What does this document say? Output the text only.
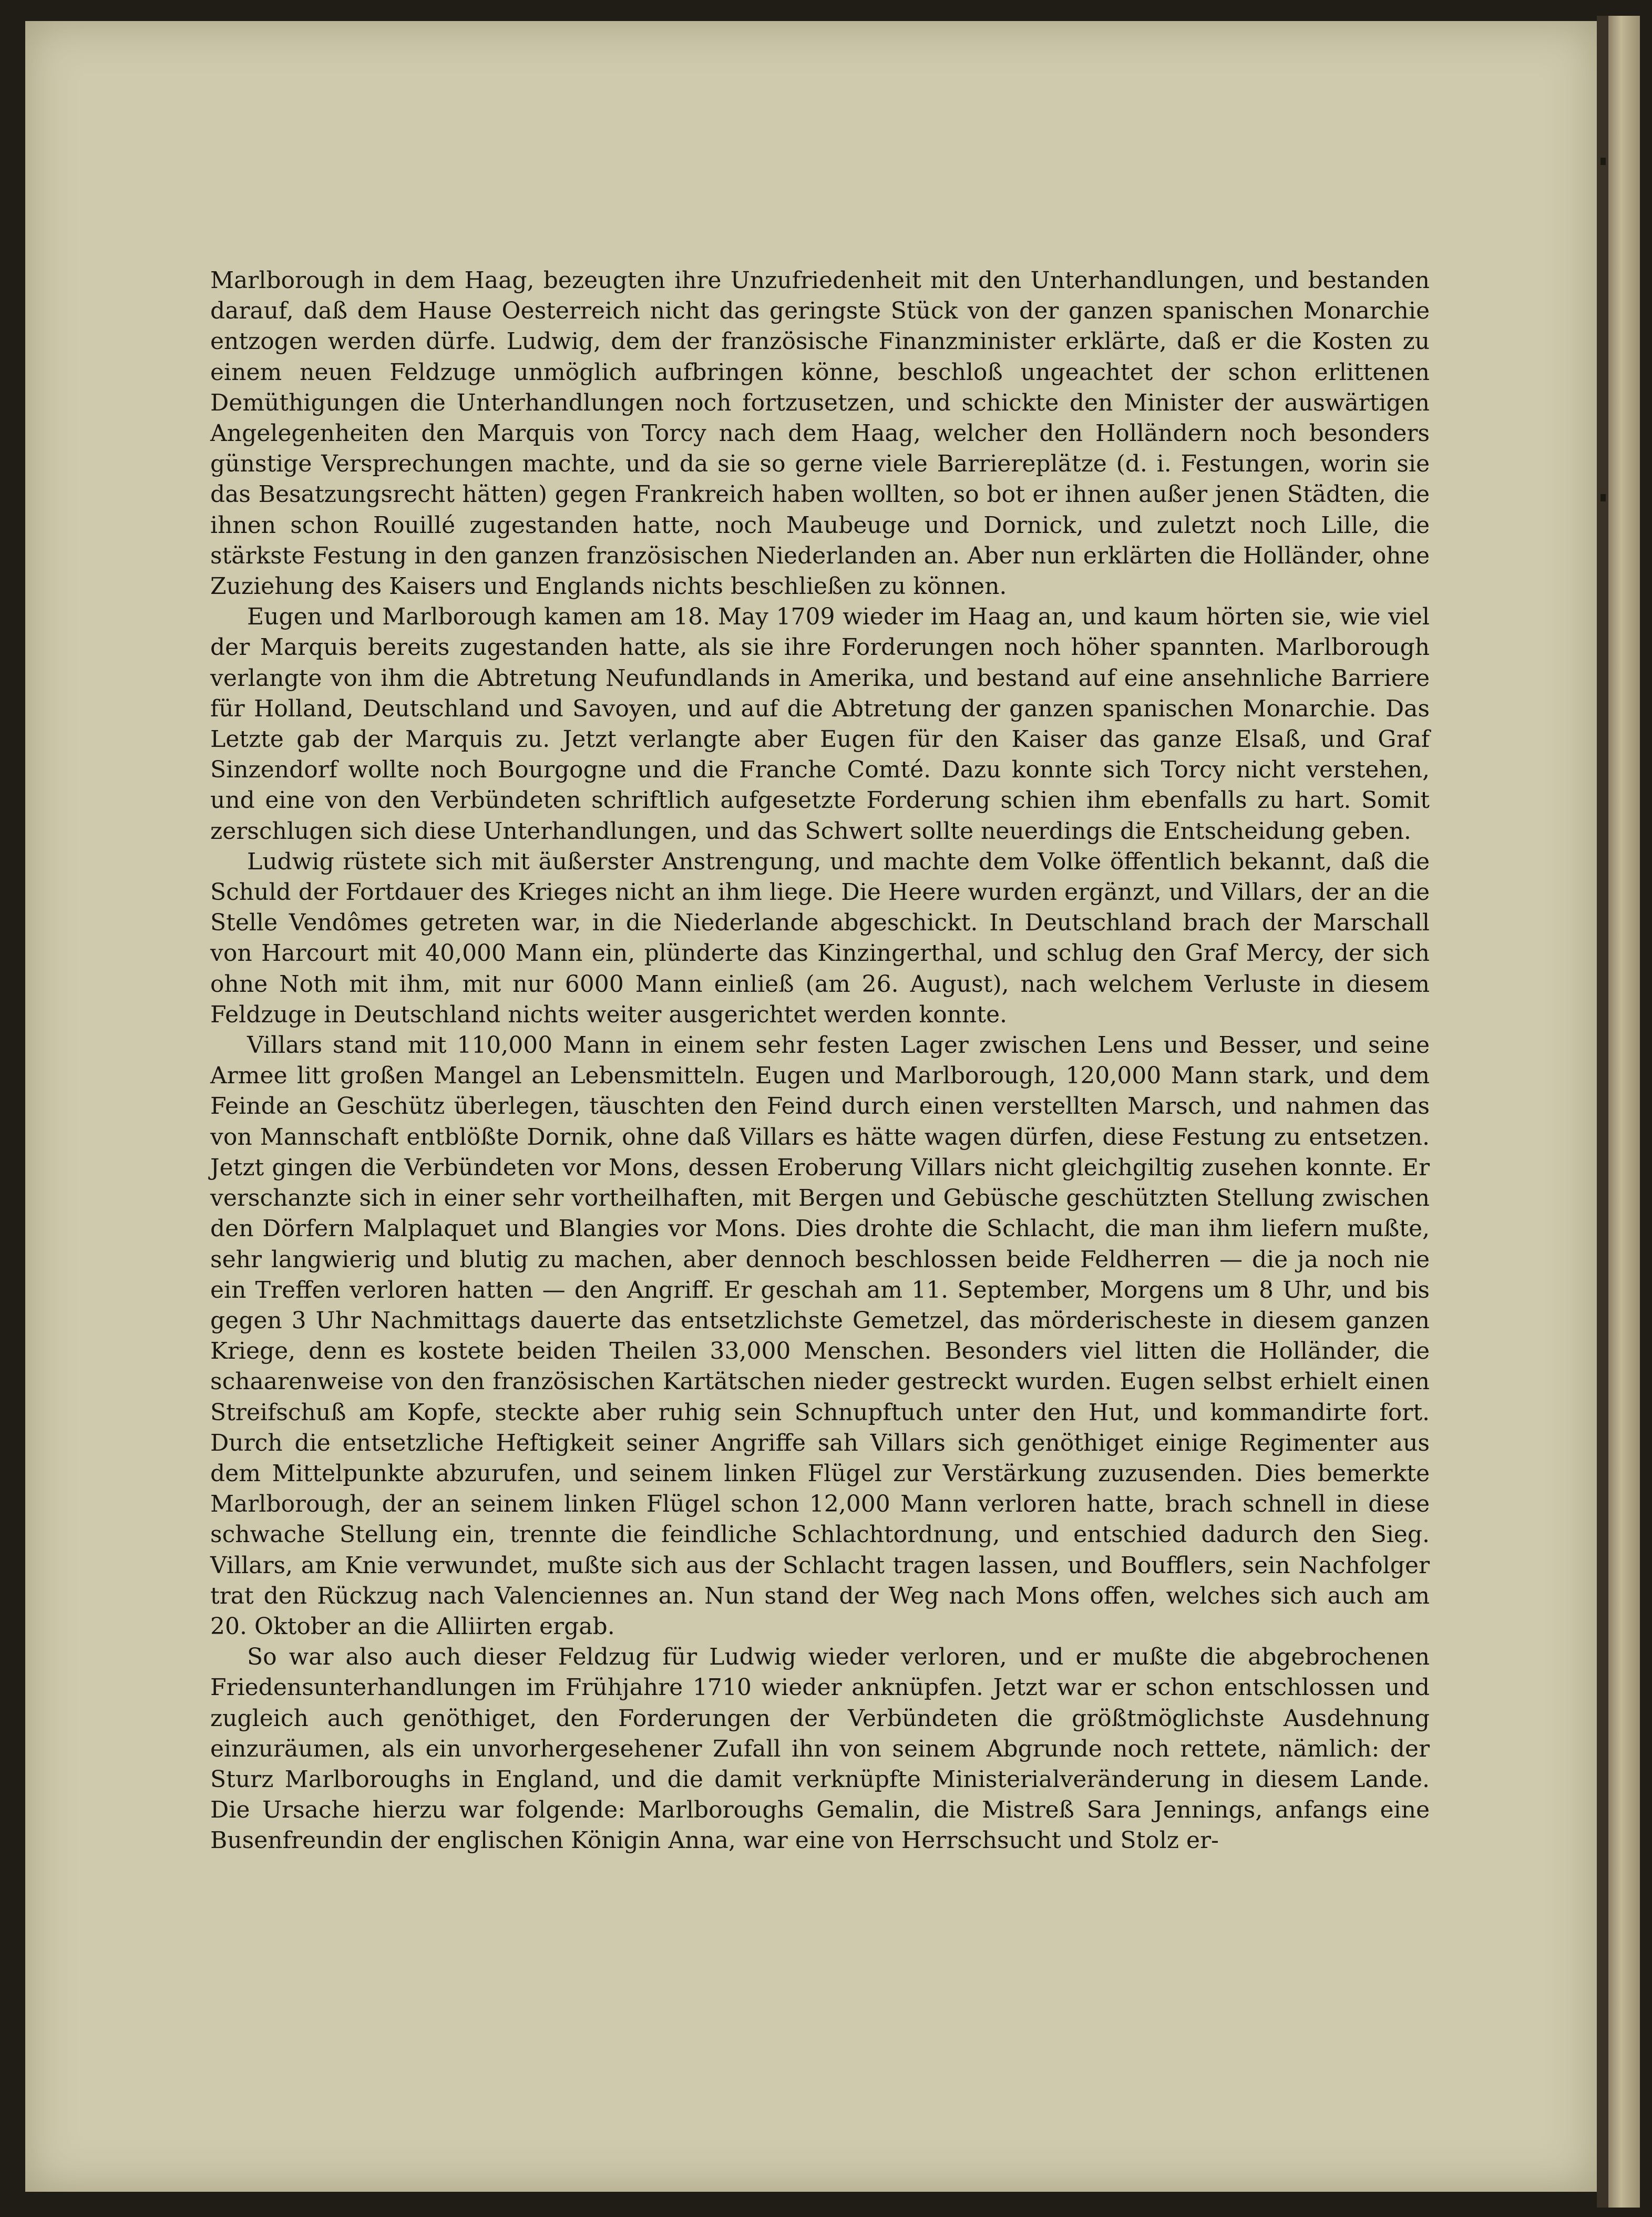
Marlborough in dem Haag, bezeugten ihre Unzufriedenheit mit den Unterhandlungen, und bestanden darauf, daß dem Hause Oesterreich nicht das geringste Stück von der ganzen spanischen Monarchie entzogen werden dürfe. Ludwig, dem der französische Finanzminister erklärte, daß er die Kosten zu einem neuen Feldzuge unmöglich aufbringen könne, beschloß ungeachtet der schon erlittenen Demüthigungen die Unterhandlungen noch fortzusetzen, und schickte den Minister der auswärtigen Angelegenheiten den Marquis von Torcy nach dem Haag, welcher den Holländern noch besonders günstige Versprechungen machte, und da sie so gerne viele Barriereplätze (d. i. Festungen, worin sie das Besatzungsrecht hätten) gegen Frankreich haben wollten, so bot er ihnen außer jenen Städten, die ihnen schon Rouillé zugestanden hatte, noch Maubeuge und Dornick, und zuletzt noch Lille, die stärkste Festung in den ganzen französischen Niederlanden an. Aber nun erklärten die Holländer, ohne Zuziehung des Kaisers und Englands nichts beschließen zu können.

Eugen und Marlborough kamen am 18. May 1709 wieder im Haag an, und kaum hörten sie, wie viel der Marquis bereits zugestanden hatte, als sie ihre Forderungen noch höher spannten. Marlborough verlangte von ihm die Abtretung Neufundlands in Amerika, und bestand auf eine ansehnliche Barriere für Holland, Deutschland und Savoyen, und auf die Abtretung der ganzen spanischen Monarchie. Das Letzte gab der Marquis zu. Jetzt verlangte aber Eugen für den Kaiser das ganze Elsaß, und Graf Sinzendorf wollte noch Bourgogne und die Franche Comté. Dazu konnte sich Torcy nicht verstehen, und eine von den Verbündeten schriftlich aufgesetzte Forderung schien ihm ebenfalls zu hart. Somit zerschlugen sich diese Unterhandlungen, und das Schwert sollte neuerdings die Entscheidung geben.

Ludwig rüstete sich mit äußerster Anstrengung, und machte dem Volke öffentlich bekannt, daß die Schuld der Fortdauer des Krieges nicht an ihm liege. Die Heere wurden ergänzt, und Villars, der an die Stelle Vendômes getreten war, in die Niederlande abgeschickt. In Deutschland brach der Marschall von Harcourt mit 40,000 Mann ein, plünderte das Kinzingerthal, und schlug den Graf Mercy, der sich ohne Noth mit ihm, mit nur 6000 Mann einließ (am 26. August), nach welchem Verluste in diesem Feldzuge in Deutschland nichts weiter ausgerichtet werden konnte.

Villars stand mit 110,000 Mann in einem sehr festen Lager zwischen Lens und Besser, und seine Armee litt großen Mangel an Lebensmitteln. Eugen und Marlborough, 120,000 Mann stark, und dem Feinde an Geschütz überlegen, täuschten den Feind durch einen verstellten Marsch, und nahmen das von Mannschaft entblößte Dornik, ohne daß Villars es hätte wagen dürfen, diese Festung zu entsetzen. Jetzt gingen die Verbündeten vor Mons, dessen Eroberung Villars nicht gleichgiltig zusehen konnte. Er verschanzte sich in einer sehr vortheilhaften, mit Bergen und Gebüsche geschützten Stellung zwischen den Dörfern Malplaquet und Blangies vor Mons. Dies drohte die Schlacht, die man ihm liefern mußte, sehr langwierig und blutig zu machen, aber dennoch beschlossen beide Feldherren — die ja noch nie ein Treffen verloren hatten — den Angriff. Er geschah am 11. September, Morgens um 8 Uhr, und bis gegen 3 Uhr Nachmittags dauerte das entsetzlichste Gemetzel, das mörderischeste in diesem ganzen Kriege, denn es kostete beiden Theilen 33,000 Menschen. Besonders viel litten die Holländer, die schaarenweise von den französischen Kartätschen nieder gestreckt wurden. Eugen selbst erhielt einen Streifschuß am Kopfe, steckte aber ruhig sein Schnupftuch unter den Hut, und kommandirte fort. Durch die entsetzliche Heftigkeit seiner Angriffe sah Villars sich genöthiget einige Regimenter aus dem Mittelpunkte abzurufen, und seinem linken Flügel zur Verstärkung zuzusenden. Dies bemerkte Marlborough, der an seinem linken Flügel schon 12,000 Mann verloren hatte, brach schnell in diese schwache Stellung ein, trennte die feindliche Schlachtordnung, und entschied dadurch den Sieg. Villars, am Knie verwundet, mußte sich aus der Schlacht tragen lassen, und Boufflers, sein Nachfolger trat den Rückzug nach Valenciennes an. Nun stand der Weg nach Mons offen, welches sich auch am 20. Oktober an die Alliirten ergab.

So war also auch dieser Feldzug für Ludwig wieder verloren, und er mußte die abgebrochenen Friedensunterhandlungen im Frühjahre 1710 wieder anknüpfen. Jetzt war er schon entschlossen und zugleich auch genöthiget, den Forderungen der Verbündeten die größtmöglichste Ausdehnung einzuräumen, als ein unvorhergesehener Zufall ihn von seinem Abgrunde noch rettete, nämlich: der Sturz Marlboroughs in England, und die damit verknüpfte Ministerialveränderung in diesem Lande. Die Ursache hierzu war folgende: Marlboroughs Gemalin, die Mistreß Sara Jennings, anfangs eine Busenfreundin der englischen Königin Anna, war eine von Herrschsucht und Stolz er-
